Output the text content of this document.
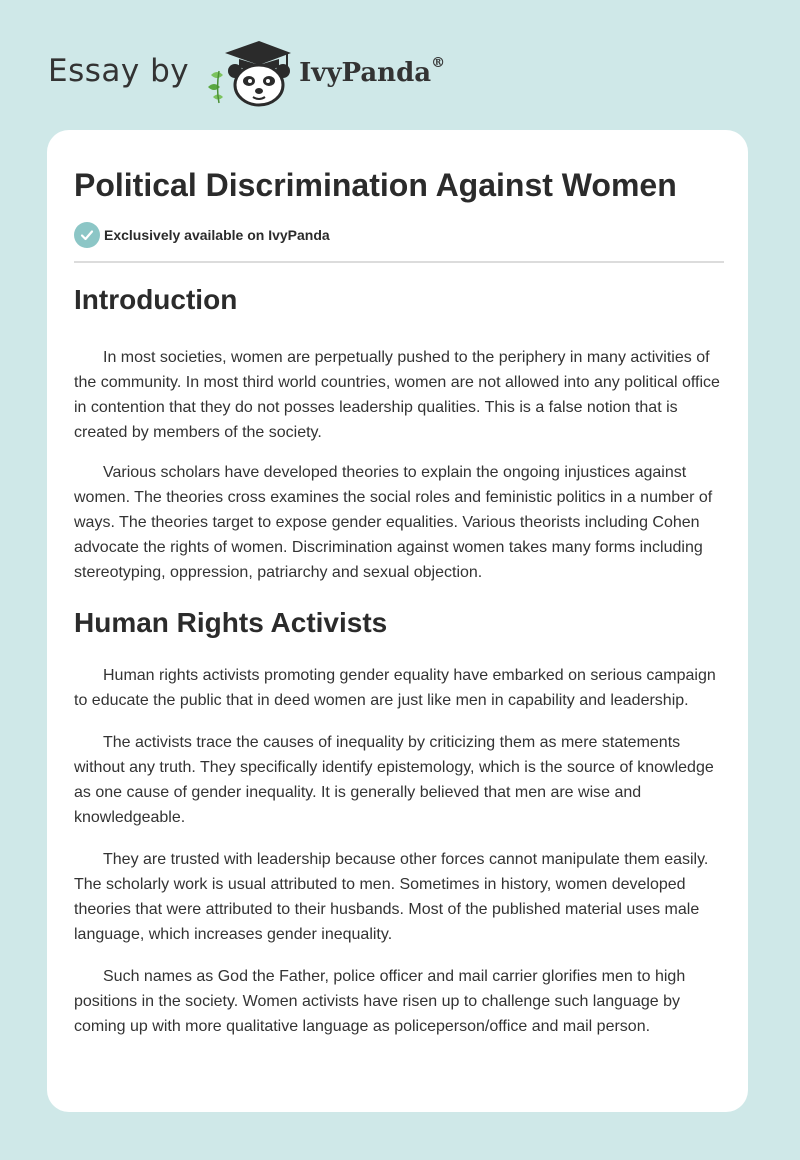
Essay by	IvyPanda®
Political Discrimination Against Women
Exclusively available on IvyPanda
Introduction

In most societies, women are perpetually pushed to the periphery in many activities of the community. In most third world countries, women are not allowed into any political office in contention that they do not posses leadership qualities. This is a false notion that is created by members of the society.

Various scholars have developed theories to explain the ongoing injustices against women. The theories cross examines the social roles and feministic politics in a number of ways. The theories target to expose gender equalities. Various theorists including Cohen advocate the rights of women. Discrimination against women takes many forms including stereotyping, oppression, patriarchy and sexual objection.

Human Rights Activists

Human rights activists promoting gender equality have embarked on serious campaign to educate the public that in deed women are just like men in capability and leadership.

The activists trace the causes of inequality by criticizing them as mere statements without any truth. They specifically identify epistemology, which is the source of knowledge as one cause of gender inequality. It is generally believed that men are wise and knowledgeable.

They are trusted with leadership because other forces cannot manipulate them easily. The scholarly work is usual attributed to men. Sometimes in history, women developed theories that were attributed to their husbands. Most of the published material uses male language, which increases gender inequality.

Such names as God the Father, police officer and mail carrier glorifies men to high positions in the society. Women activists have risen up to challenge such language by coming up with more qualitative language as policeperson/office and mail person.
